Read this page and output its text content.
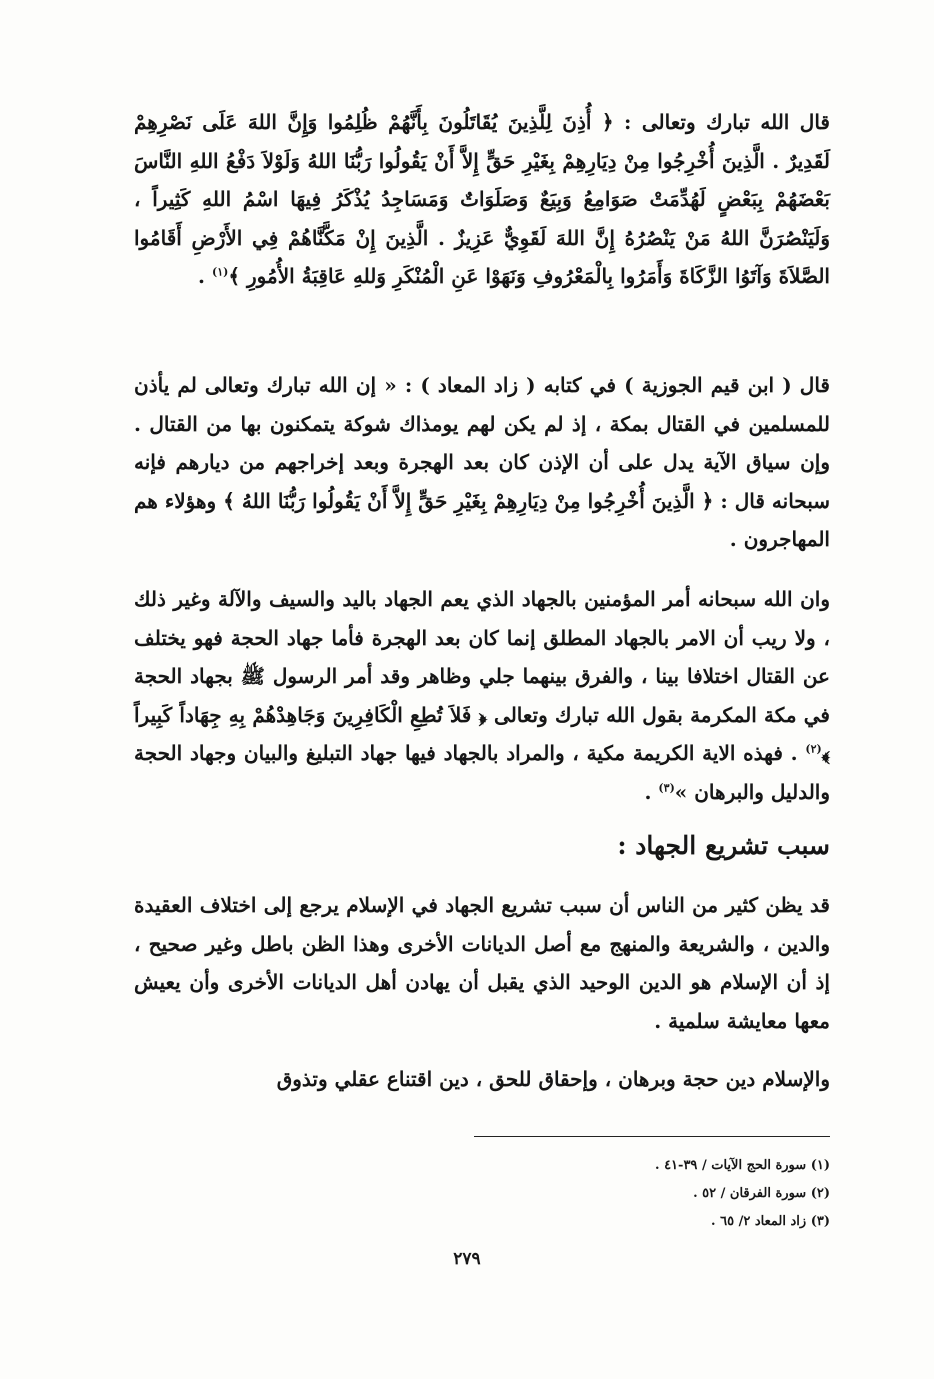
قال الله تبارك وتعالى : ﴿ أُذِنَ لِلَّذِينَ يُقَاتَلُونَ بِأَنَّهُمْ ظُلِمُوا وَإِنَّ اللهَ عَلَى نَصْرِهِمْ لَقَدِيرٌ . الَّذِينَ أُخْرِجُوا مِنْ دِيَارِهِمْ بِغَيْرِ حَقٍّ إِلاَّ أَنْ يَقُولُوا رَبُّنَا اللهُ وَلَوْلاَ دَفْعُ اللهِ النَّاسَ بَعْضَهُمْ بِبَعْضٍ لَهُدِّمَتْ صَوَامِعُ وَبِيَعٌ وَصَلَوَاتٌ وَمَسَاجِدُ يُذْكَرُ فِيهَا اسْمُ اللهِ كَثِيراً ، وَلَيَنْصُرَنَّ اللهُ مَنْ يَنْصُرُهُ إِنَّ اللهَ لَقَوِيٌّ عَزِيزٌ . الَّذِينَ إِنْ مَكَّنَّاهُمْ فِي الأَرْضِ أَقَامُوا الصَّلاَةَ وَآتَوُا الزَّكَاةَ وَأَمَرُوا بِالْمَعْرُوفِ وَنَهَوْا عَنِ الْمُنْكَرِ وَللهِ عَاقِبَةُ الأُمُورِ ﴾$^{(١)}$ .

قال ( ابن قيم الجوزية ) في كتابه ( زاد المعاد ) : « إن الله تبارك وتعالى لم يأذن للمسلمين في القتال بمكة ، إذ لم يكن لهم يومذاك شوكة يتمكنون بها من القتال . وإن سياق الآية يدل على أن الإذن كان بعد الهجرة وبعد إخراجهم من ديارهم فإنه سبحانه قال : ﴿ الَّذِينَ أُخْرِجُوا مِنْ دِيَارِهِمْ بِغَيْرِ حَقٍّ إِلاَّ أَنْ يَقُولُوا رَبُّنَا اللهُ ﴾ وهؤلاء هم المهاجرون .

وان الله سبحانه أمر المؤمنين بالجهاد الذي يعم الجهاد باليد والسيف والآلة وغير ذلك ، ولا ريب أن الامر بالجهاد المطلق إنما كان بعد الهجرة فأما جهاد الحجة فهو يختلف عن القتال اختلافا بينا ، والفرق بينهما جلي وظاهر وقد أمر الرسول ﷺ بجهاد الحجة في مكة المكرمة بقول الله تبارك وتعالى ﴿ فَلاَ تُطِعِ الْكَافِرِينَ وَجَاهِدْهُمْ بِهِ جِهَاداً كَبِيراً ﴾$^{(٢)}$ . فهذه الاية الكريمة مكية ، والمراد بالجهاد فيها جهاد التبليغ والبيان وجهاد الحجة والدليل والبرهان »$^{(٣)}$ .

سبب تشريع الجهاد :

قد يظن كثير من الناس أن سبب تشريع الجهاد في الإسلام يرجع إلى اختلاف العقيدة والدين ، والشريعة والمنهج مع أصل الديانات الأخرى وهذا الظن باطل وغير صحيح ، إذ أن الإسلام هو الدين الوحيد الذي يقبل أن يهادن أهل الديانات الأخرى وأن يعيش معها معايشة سلمية .

والإسلام دين حجة وبرهان ، وإحقاق للحق ، دين اقتناع عقلي وتذوق

(١) سورة الحج الآيات / ٣٩-٤١ .
(٢) سورة الفرقان / ٥٢ .
(٣) زاد المعاد ٢/ ٦٥ .
٢٧٩
